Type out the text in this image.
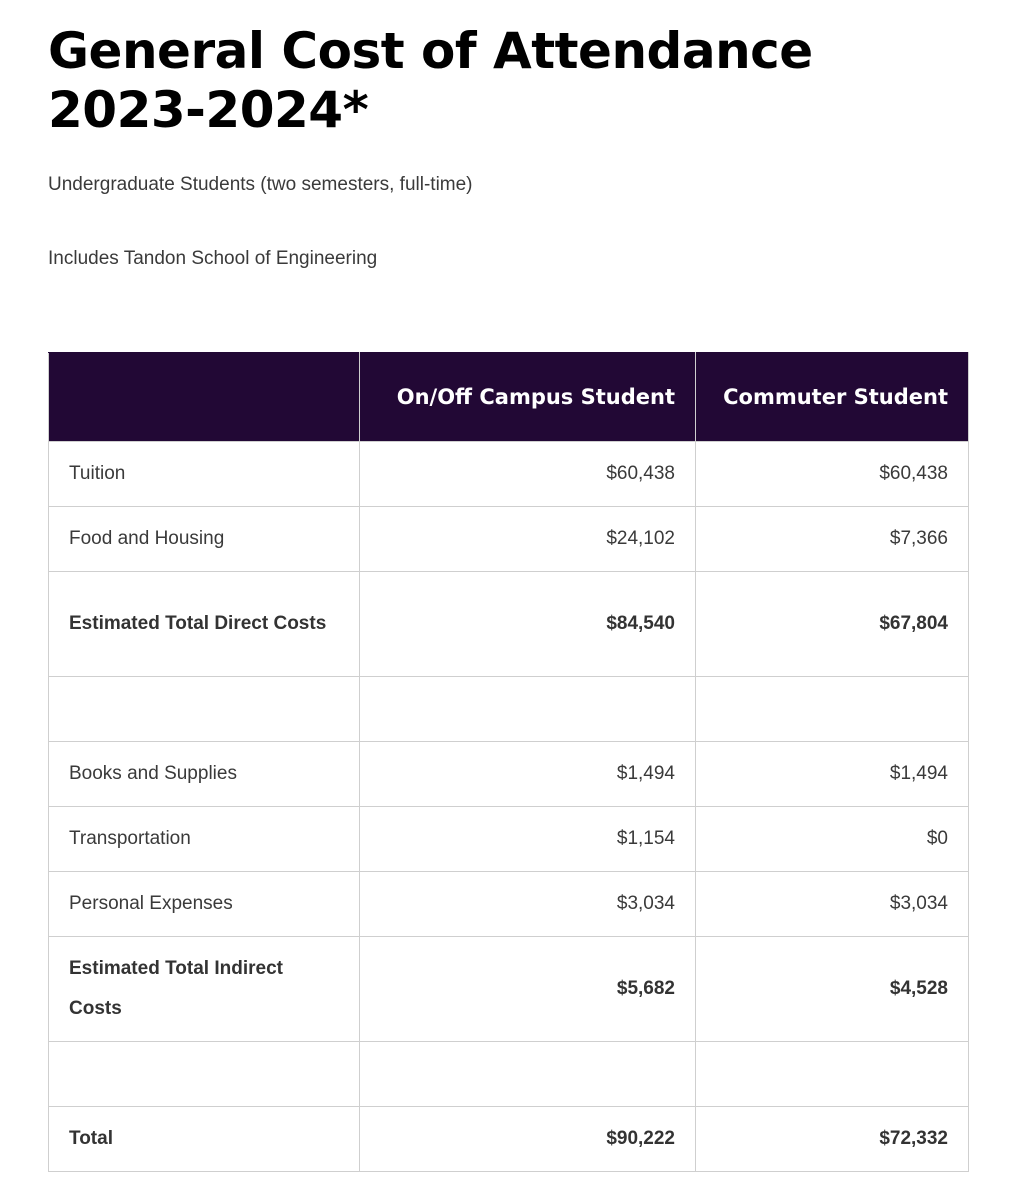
General Cost of Attendance 2023-2024*

Undergraduate Students (two semesters, full-time)

Includes Tandon School of Engineering

	On/Off Campus Student	Commuter Student
Tuition	$60,438	$60,438
Food and Housing	$24,102	$7,366
Estimated Total Direct Costs	$84,540	$67,804

Books and Supplies	$1,494	$1,494
Transportation	$1,154	$0
Personal Expenses	$3,034	$3,034
Estimated Total Indirect Costs	$5,682	$4,528

Total	$90,222	$72,332
